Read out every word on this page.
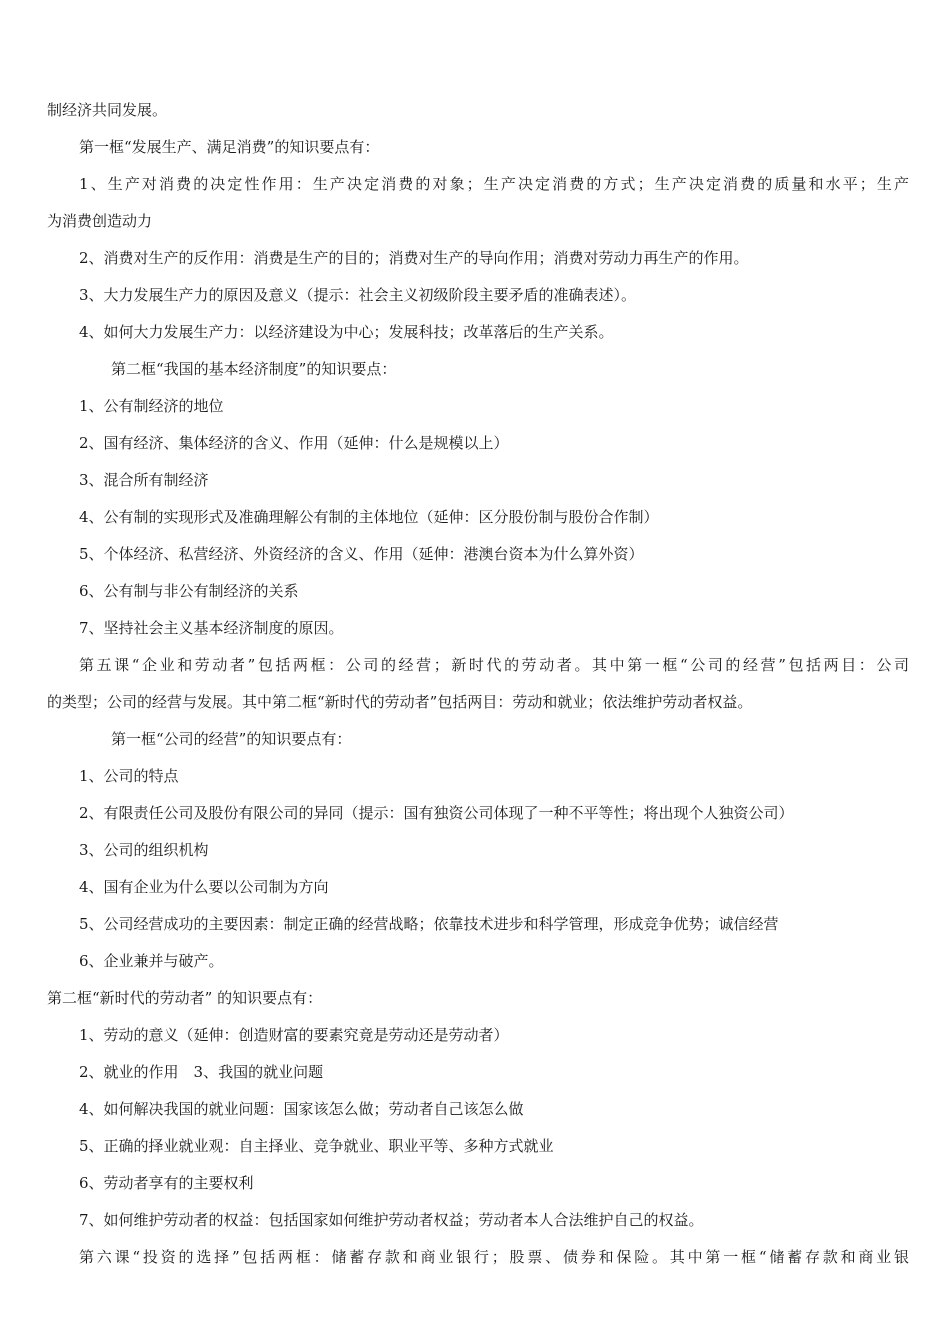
制经济共同发展。
第一框“发展生产、满足消费”的知识要点有：
1、生产对消费的决定性作用：生产决定消费的对象；生产决定消费的方式；生产决定消费的质量和水平；生产
为消费创造动力
2、消费对生产的反作用：消费是生产的目的；消费对生产的导向作用；消费对劳动力再生产的作用。
3、大力发展生产力的原因及意义（提示：社会主义初级阶段主要矛盾的准确表述）。
4、如何大力发展生产力：以经济建设为中心；发展科技；改革落后的生产关系。
第二框“我国的基本经济制度”的知识要点：
1、公有制经济的地位
2、国有经济、集体经济的含义、作用（延伸：什么是规模以上）
3、混合所有制经济
4、公有制的实现形式及准确理解公有制的主体地位（延伸：区分股份制与股份合作制）
5、个体经济、私营经济、外资经济的含义、作用（延伸：港澳台资本为什么算外资）
6、公有制与非公有制经济的关系
7、坚持社会主义基本经济制度的原因。
第五课“企业和劳动者”包括两框：公司的经营；新时代的劳动者。其中第一框“公司的经营”包括两目：公司
的类型；公司的经营与发展。其中第二框“新时代的劳动者”包括两目：劳动和就业；依法维护劳动者权益。
第一框“公司的经营”的知识要点有：
1、公司的特点
2、有限责任公司及股份有限公司的异同（提示：国有独资公司体现了一种不平等性；将出现个人独资公司）
3、公司的组织机构
4、国有企业为什么要以公司制为方向
5、公司经营成功的主要因素：制定正确的经营战略；依靠技术进步和科学管理，形成竞争优势；诚信经营
6、企业兼并与破产。
第二框“新时代的劳动者” 的知识要点有：
1、劳动的意义（延伸：创造财富的要素究竟是劳动还是劳动者）
2、就业的作用　3、我国的就业问题
4、如何解决我国的就业问题：国家该怎么做；劳动者自己该怎么做
5、正确的择业就业观：自主择业、竞争就业、职业平等、多种方式就业
6、劳动者享有的主要权利
7、如何维护劳动者的权益：包括国家如何维护劳动者权益；劳动者本人合法维护自己的权益。
第六课“投资的选择”包括两框：储蓄存款和商业银行；股票、债券和保险。其中第一框“储蓄存款和商业银
